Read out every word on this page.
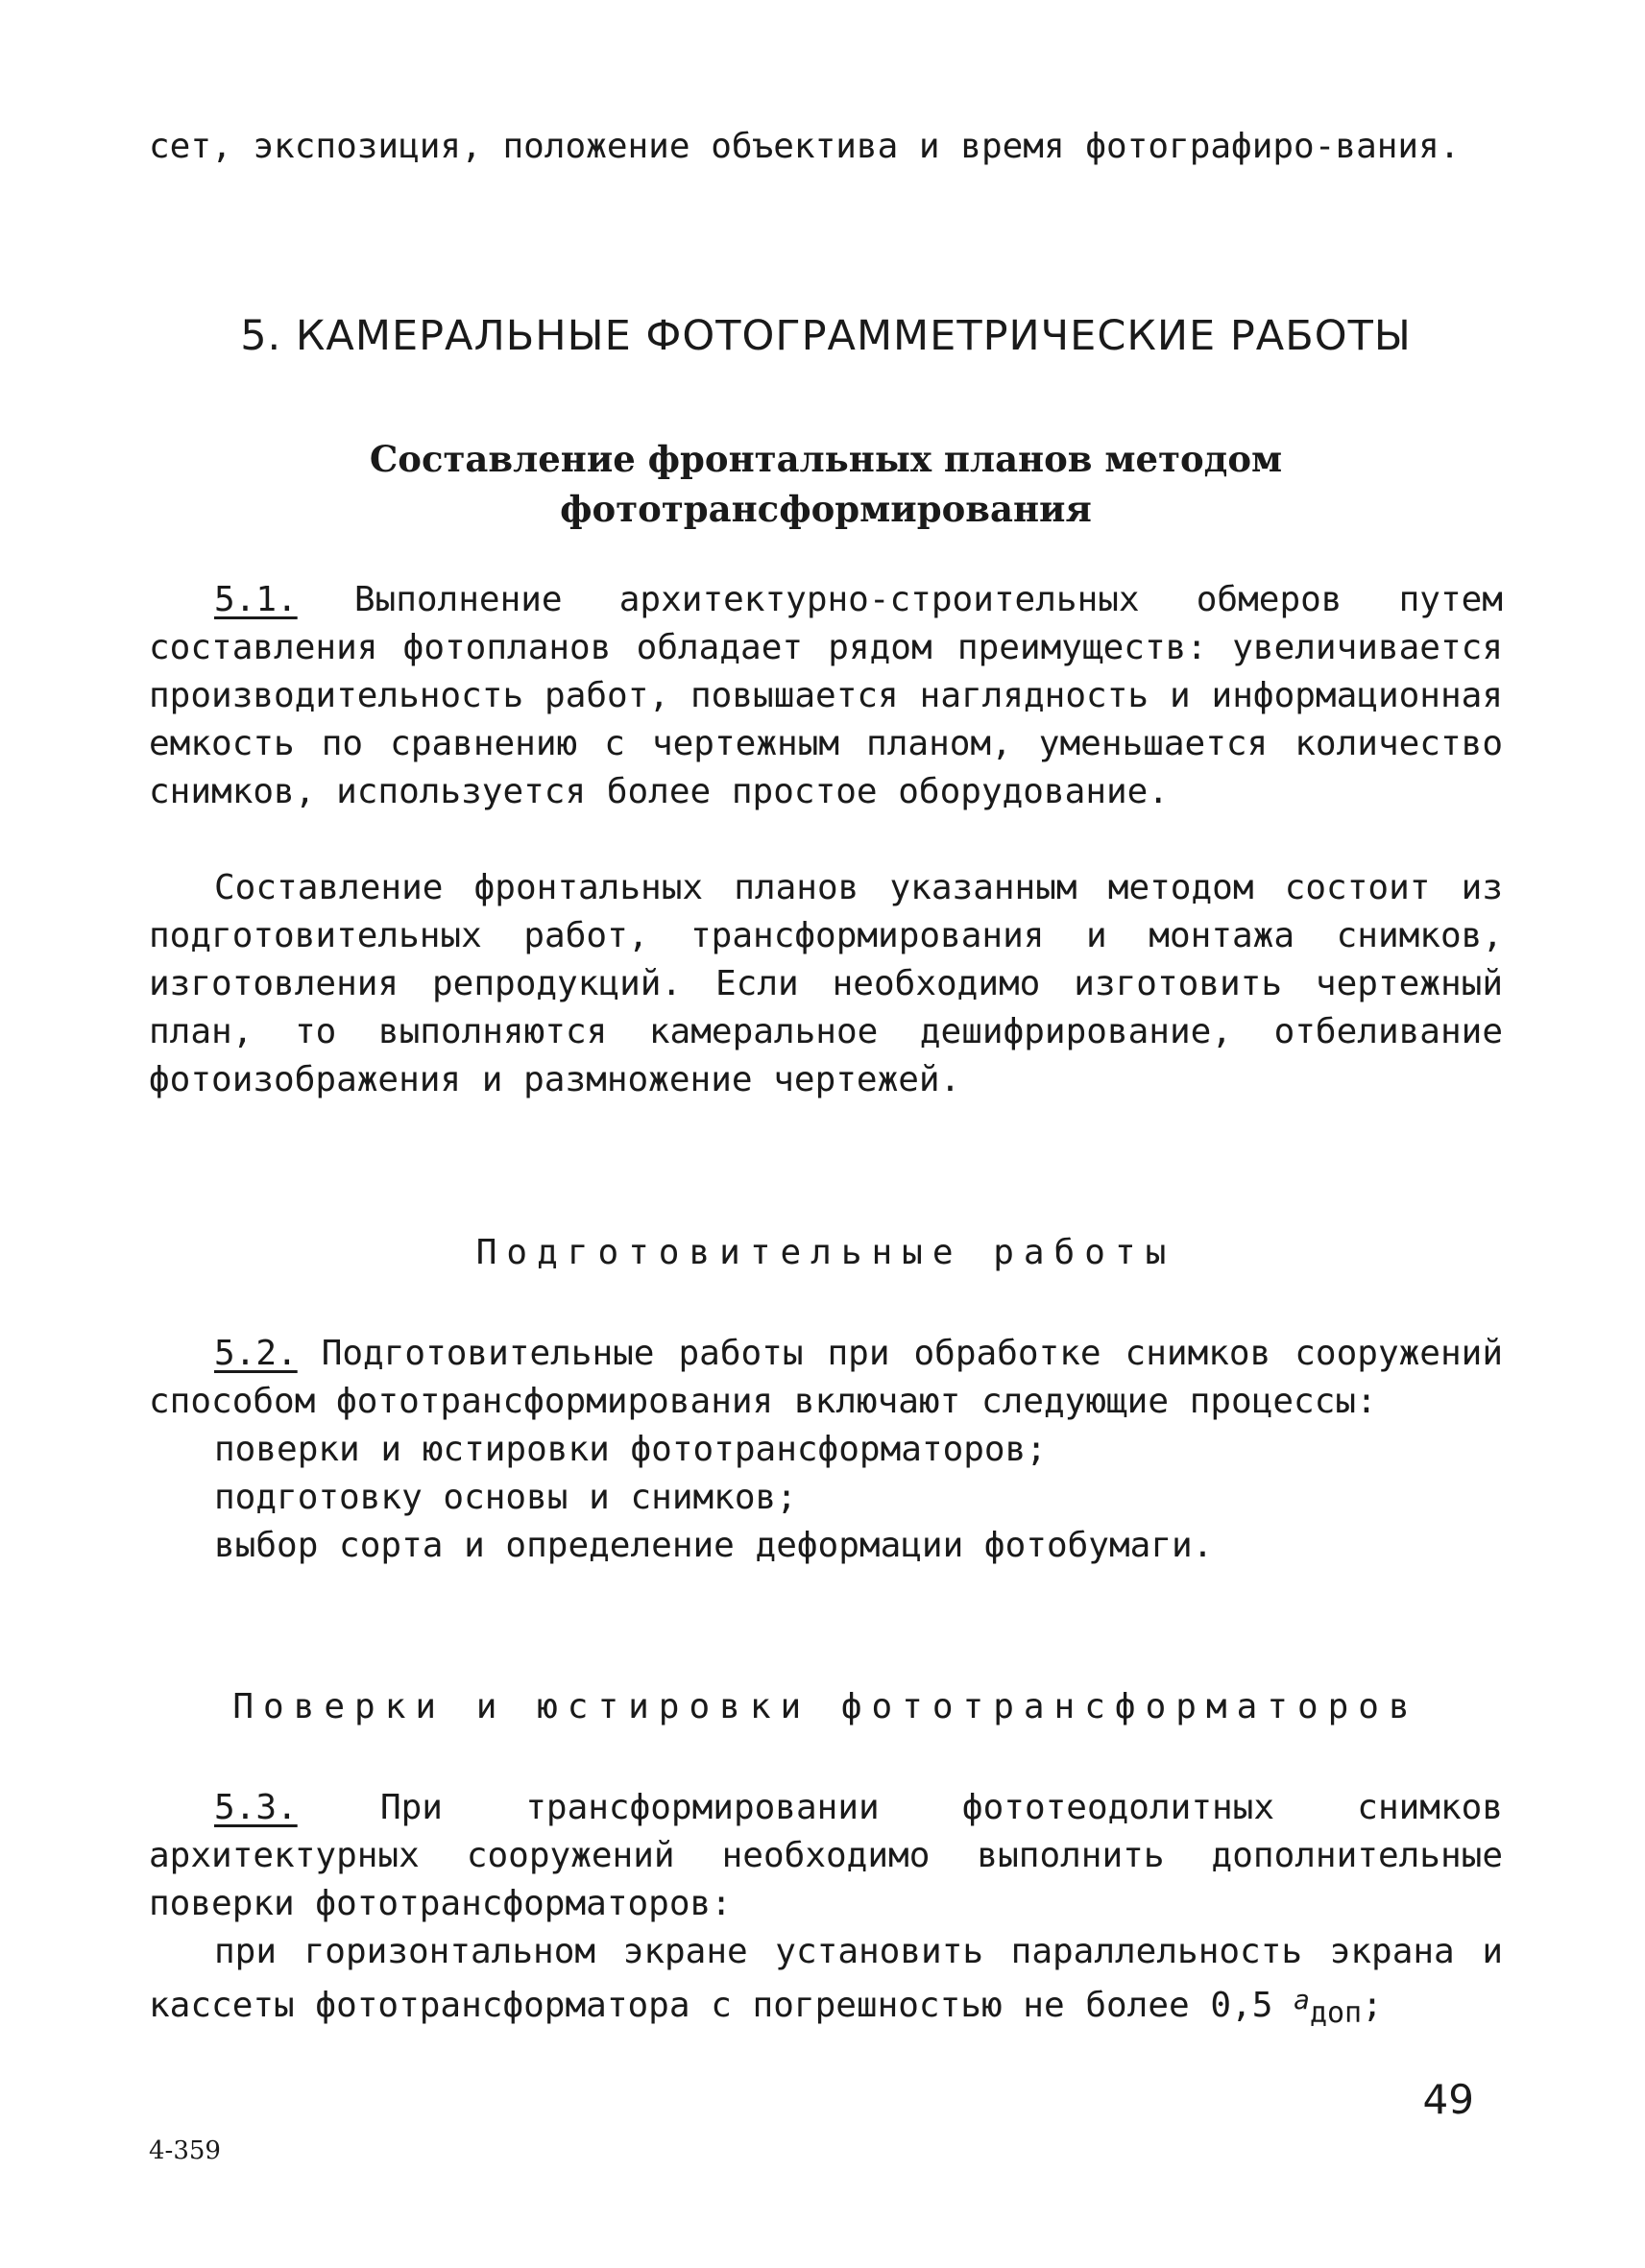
сет, экспозиция, положение объектива и время фотографиро-вания.

5. КАМЕРАЛЬНЫЕ ФОТОГРАММЕТРИЧЕСКИЕ РАБОТЫ
Составление фронтальных планов методом
фототрансформирования

5.1. Выполнение архитектурно-строительных обмеров путем составления фотопланов обладает рядом преимуществ: увеличивается производительность работ, повышается наглядность и информационная емкость по сравнению с чертежным планом, уменьшается количество снимков, используется более простое оборудование.

Составление фронтальных планов указанным методом состоит из подготовительных работ, трансформирования и монтажа снимков, изготовления репродукций. Если необходимо изготовить чертежный план, то выполняются камеральное дешифрирование, отбеливание фотоизображения и размножение чертежей.

Подготовительные работы

5.2. Подготовительные работы при обработке снимков сооружений способом фототрансформирования включают следующие процессы:

поверки и юстировки фототрансформаторов;
подготовку основы и снимков;
выбор сорта и определение деформации фотобумаги.
Поверки и юстировки фототрансформаторов

5.3. При трансформировании фототеодолитных снимков архитектурных сооружений необходимо выполнить дополнительные поверки фототрансформаторов:

при горизонтальном экране установить параллельность экрана и кассеты фототрансформатора с погрешностью не более 0,5 $^a_{доп}$;

49
4-359
